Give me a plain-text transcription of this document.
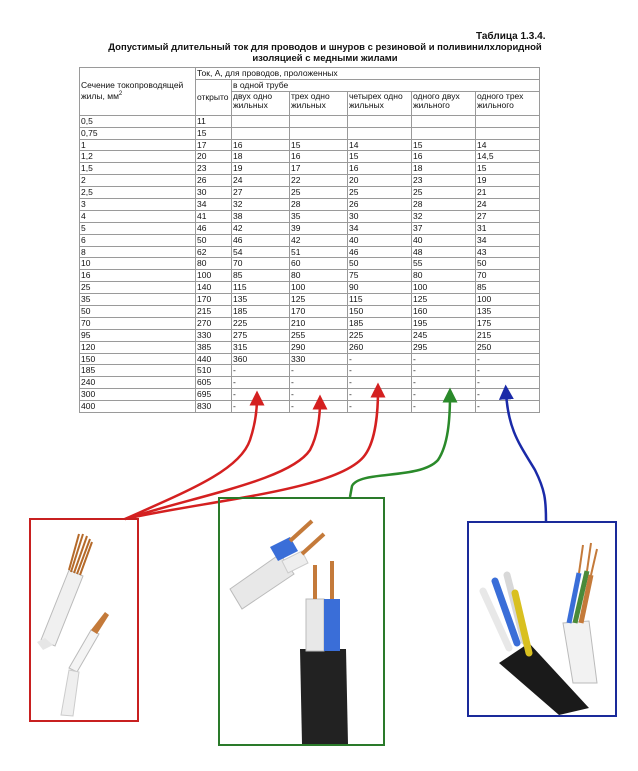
Таблица 1.3.4.
Допустимый длительный ток для проводов и шнуров с резиновой и поливинилхлоридной
изоляцией с медными жилами
Сечение токопроводящей жилы, $мм^2$	Ток, А, для проводов, проложенных					
	открыто	в одной трубе				
		двух одно жильных	трех одно жильных	четырех одно жильных	одного двух жильного	одного трех жильного
0,5	11					
0,75	15					
1	17	16	15	14	15	14
1,2	20	18	16	15	16	14,5
1,5	23	19	17	16	18	15
2	26	24	22	20	23	19
2,5	30	27	25	25	25	21
3	34	32	28	26	28	24
4	41	38	35	30	32	27
5	46	42	39	34	37	31
6	50	46	42	40	40	34
8	62	54	51	46	48	43
10	80	70	60	50	55	50
16	100	85	80	75	80	70
25	140	115	100	90	100	85
35	170	135	125	115	125	100
50	215	185	170	150	160	135
70	270	225	210	185	195	175
95	330	275	255	225	245	215
120	385	315	290	260	295	250
150	440	360	330	-	-	-
185	510	-	-	-	-	-
240	605	-	-	-	-	-
300	695	-	-	-	-	-
400	830	-	-	-	-	-
